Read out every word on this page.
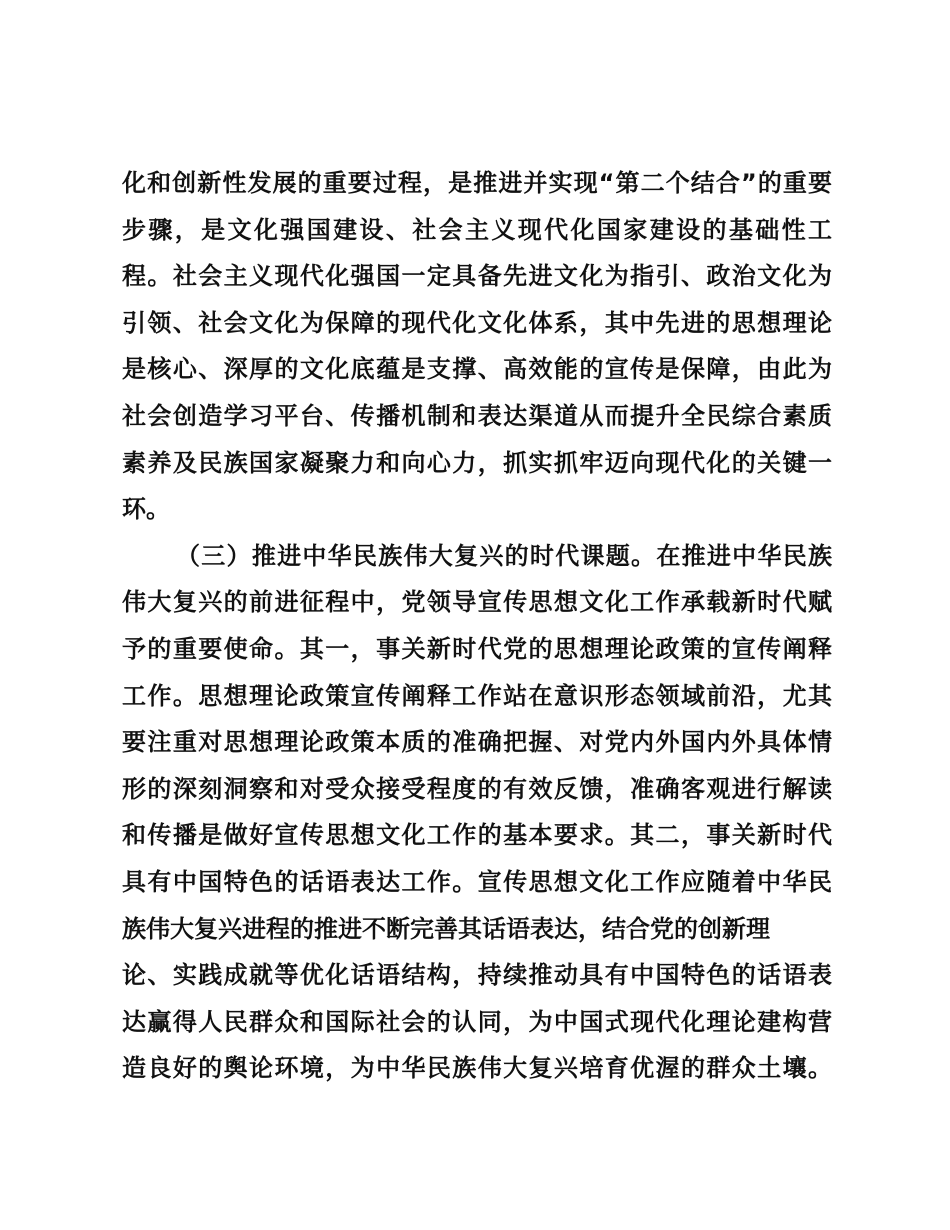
化和创新性发展的重要过程，是推进并实现“第二个结合”的重要
步骤，是文化强国建设、社会主义现代化国家建设的基础性工
程。社会主义现代化强国一定具备先进文化为指引、政治文化为
引领、社会文化为保障的现代化文化体系，其中先进的思想理论
是核心、深厚的文化底蕴是支撑、高效能的宣传是保障，由此为
社会创造学习平台、传播机制和表达渠道从而提升全民综合素质
素养及民族国家凝聚力和向心力，抓实抓牢迈向现代化的关键一
环。
（三）推进中华民族伟大复兴的时代课题。在推进中华民族
伟大复兴的前进征程中，党领导宣传思想文化工作承载新时代赋
予的重要使命。其一，事关新时代党的思想理论政策的宣传阐释
工作。思想理论政策宣传阐释工作站在意识形态领域前沿，尤其
要注重对思想理论政策本质的准确把握、对党内外国内外具体情
形的深刻洞察和对受众接受程度的有效反馈，准确客观进行解读
和传播是做好宣传思想文化工作的基本要求。其二，事关新时代
具有中国特色的话语表达工作。宣传思想文化工作应随着中华民
族伟大复兴进程的推进不断完善其话语表达，结合党的创新理
论、实践成就等优化话语结构，持续推动具有中国特色的话语表
达赢得人民群众和国际社会的认同，为中国式现代化理论建构营
造良好的舆论环境，为中华民族伟大复兴培育优渥的群众土壤。
